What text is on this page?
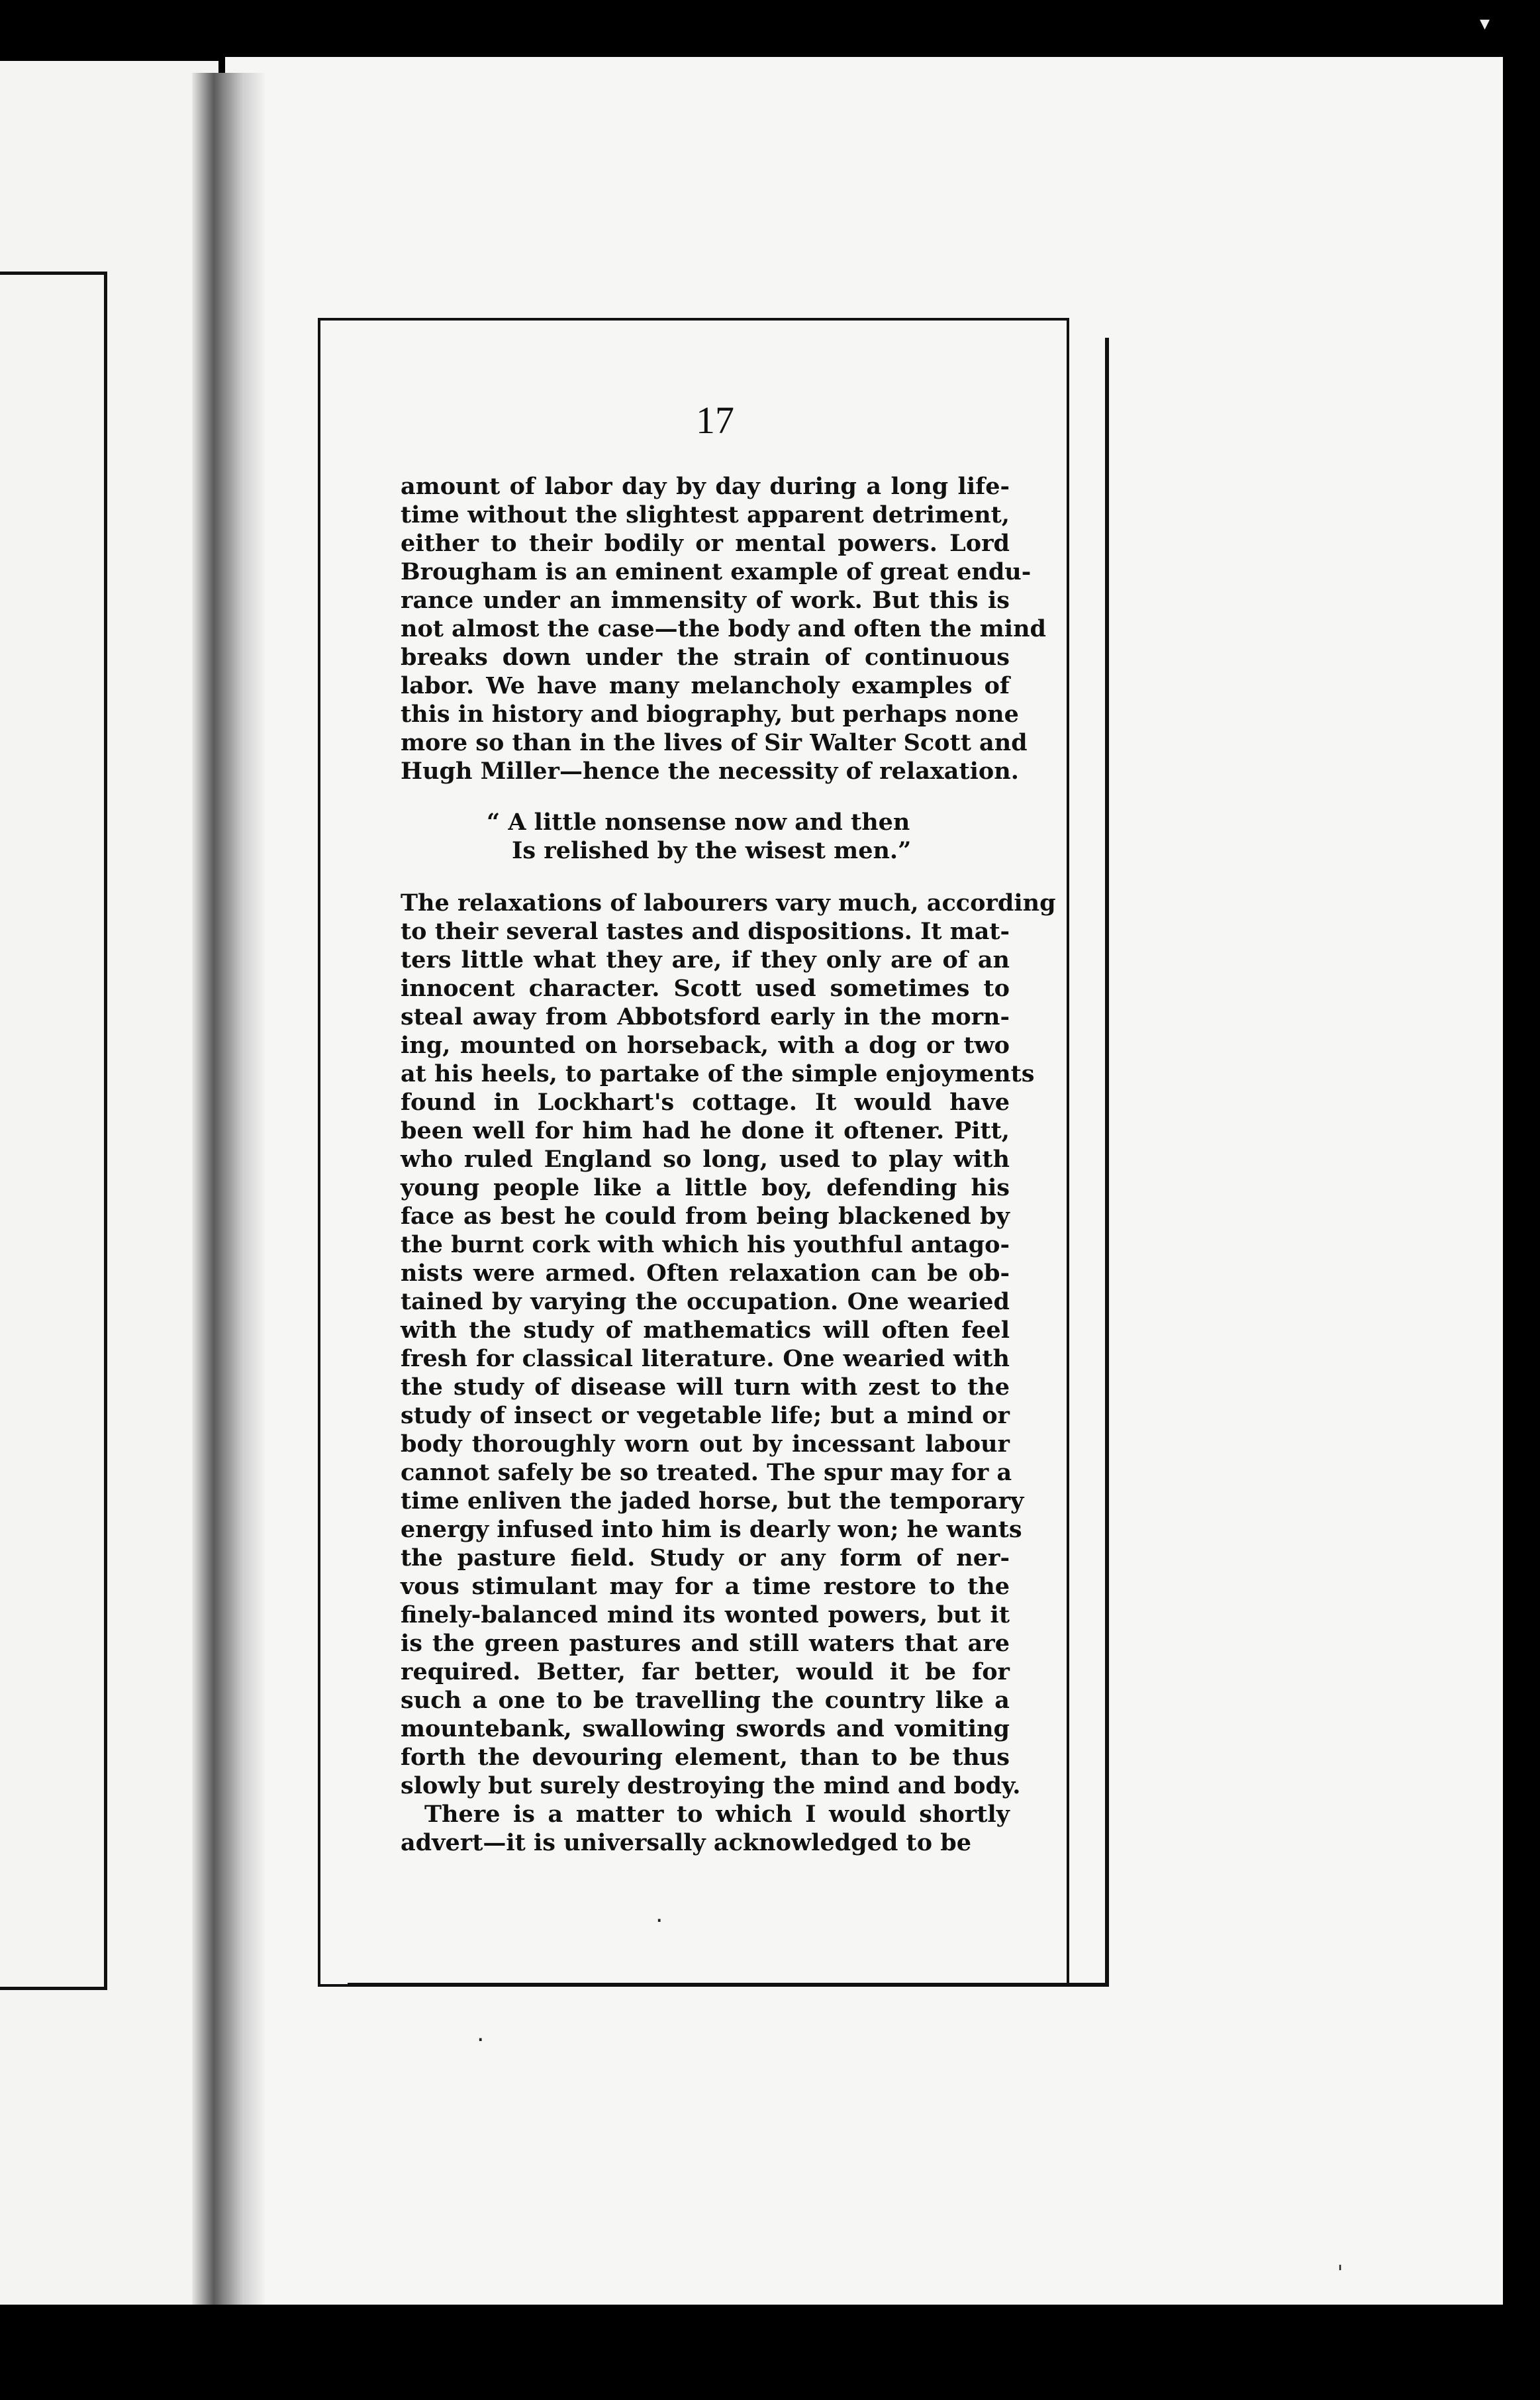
17
amount of labor day by day during a long life-
time without the slightest apparent detriment,
either to their bodily or mental powers. Lord
Brougham is an eminent example of great endu-
rance under an immensity of work. But this is
not almost the case—the body and often the mind
breaks down under the strain of continuous
labor. We have many melancholy examples of
this in history and biography, but perhaps none
more so than in the lives of Sir Walter Scott and
Hugh Miller—hence the necessity of relaxation.
“ A little nonsense now and then
Is relished by the wisest men.”
The relaxations of labourers vary much, according
to their several tastes and dispositions. It mat-
ters little what they are, if they only are of an
innocent character. Scott used sometimes to
steal away from Abbotsford early in the morn-
ing, mounted on horseback, with a dog or two
at his heels, to partake of the simple enjoyments
found in Lockhart's cottage. It would have
been well for him had he done it oftener. Pitt,
who ruled England so long, used to play with
young people like a little boy, defending his
face as best he could from being blackened by
the burnt cork with which his youthful antago-
nists were armed. Often relaxation can be ob-
tained by varying the occupation. One wearied
with the study of mathematics will often feel
fresh for classical literature. One wearied with
the study of disease will turn with zest to the
study of insect or vegetable life; but a mind or
body thoroughly worn out by incessant labour
cannot safely be so treated. The spur may for a
time enliven the jaded horse, but the temporary
energy infused into him is dearly won; he wants
the pasture field. Study or any form of ner-
vous stimulant may for a time restore to the
finely-balanced mind its wonted powers, but it
is the green pastures and still waters that are
required. Better, far better, would it be for
such a one to be travelling the country like a
mountebank, swallowing swords and vomiting
forth the devouring element, than to be thus
slowly but surely destroying the mind and body.
There is a matter to which I would shortly
advert—it is universally acknowledged to be
·
·
'
▾
